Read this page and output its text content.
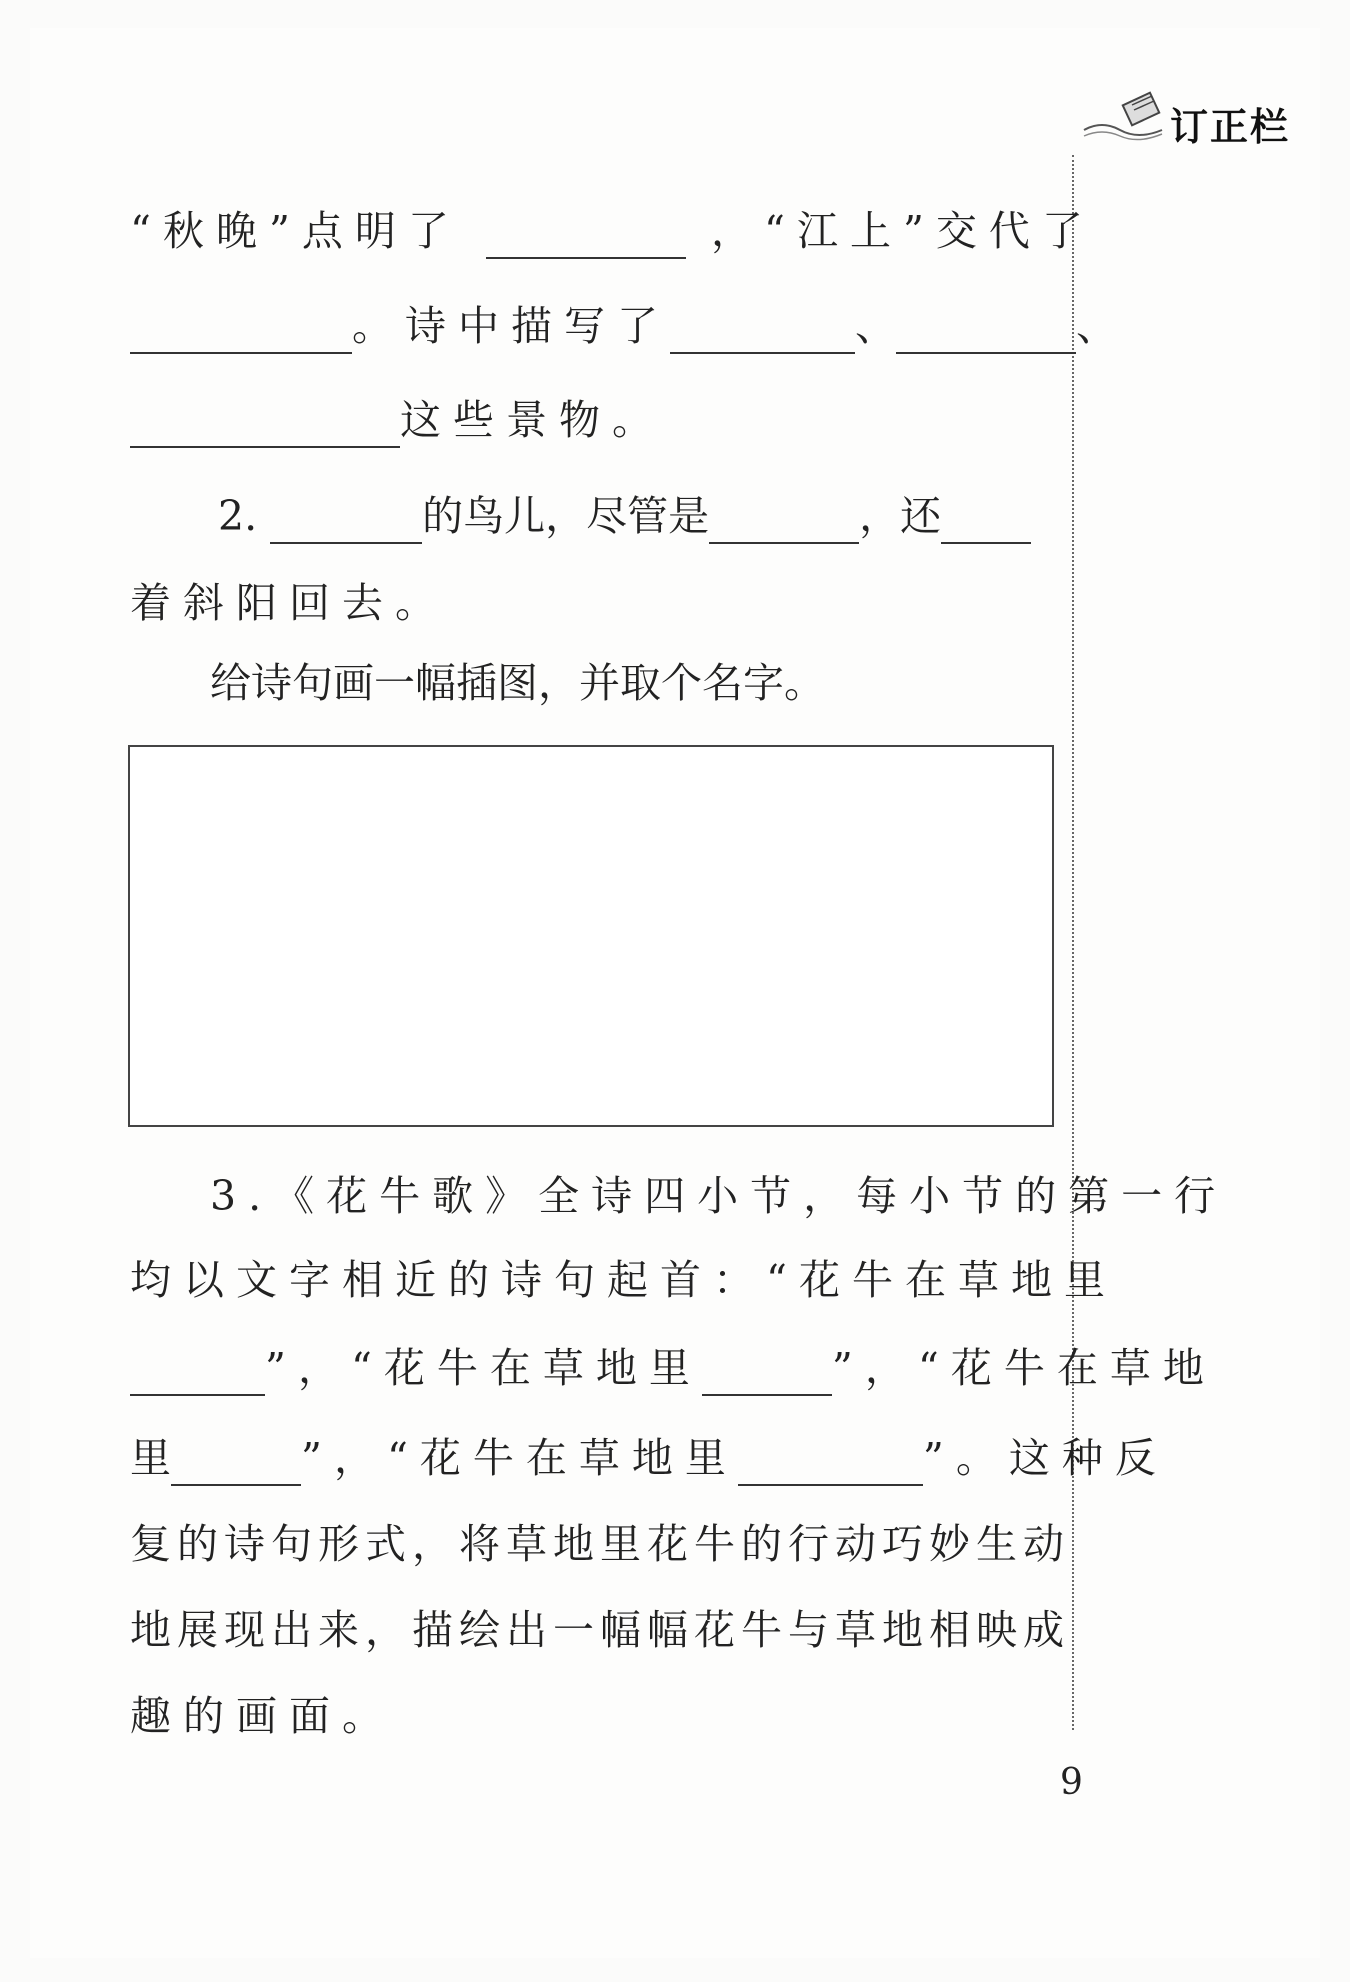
订正栏
“秋晚”点明了	，“江上”交代了
。诗中描写了	、	、
这些景物。
2.	的鸟儿，尽管是	，还
着斜阳回去。
给诗句画一幅插图，并取个名字。
3.《花牛歌》全诗四小节，每小节的第一行
均以文字相近的诗句起首：“花牛在草地里
”，“花牛在草地里	”，“花牛在草地
里	”，“花牛在草地里	”。这种反
复的诗句形式，将草地里花牛的行动巧妙生动
地展现出来，描绘出一幅幅花牛与草地相映成
趣的画面。
9
